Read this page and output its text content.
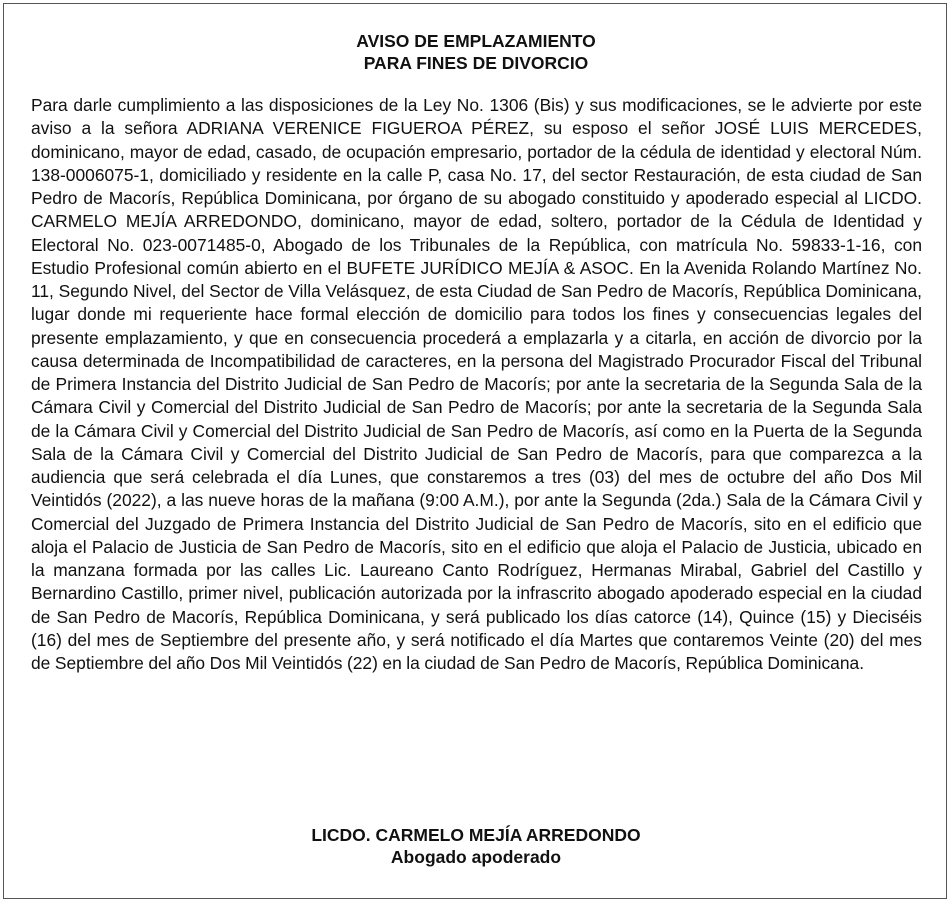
AVISO DE EMPLAZAMIENTO
PARA FINES DE DIVORCIO

Para darle cumplimiento a las disposiciones de la Ley No. 1306 (Bis) y sus modificaciones, se le advierte por este aviso a la señora ADRIANA VERENICE FIGUEROA PÉREZ, su esposo el señor JOSÉ LUIS MERCEDES, dominicano, mayor de edad, casado, de ocupación empresario, portador de la cédula de identidad y electoral Núm. 138-0006075-1, domiciliado y residente en la calle P, casa No. 17, del sector Restauración, de esta ciudad de San Pedro de Macorís, República Dominicana, por órgano de su abogado constituido y apoderado especial al LICDO. CARMELO MEJÍA ARREDONDO, dominicano, mayor de edad, soltero, portador de la Cédula de Identidad y Electoral No. 023-0071485-0, Abogado de los Tribunales de la República, con matrícula No. 59833-1-16, con Estudio Profesional común abierto en el BUFETE JURÍDICO MEJÍA & ASOC. En la Avenida Rolando Martínez No. 11, Segundo Nivel, del Sector de Villa Velásquez, de esta Ciudad de San Pedro de Macorís, República Dominicana, lugar donde mi requeriente hace formal elección de domicilio para todos los fines y consecuencias legales del presente emplazamiento, y que en consecuencia procederá a emplazarla y a citarla, en acción de divorcio por la causa determinada de Incompatibilidad de caracteres, en la persona del Magistrado Procurador Fiscal del Tribunal de Primera Instancia del Distrito Judicial de San Pedro de Macorís; por ante la secretaria de la Segunda Sala de la Cámara Civil y Comercial del Distrito Judicial de San Pedro de Macorís; por ante la secretaria de la Segunda Sala de la Cámara Civil y Comercial del Distrito Judicial de San Pedro de Macorís, así como en la Puerta de la Segunda Sala de la Cámara Civil y Comercial del Distrito Judicial de San Pedro de Macorís, para que comparezca a la audiencia que será celebrada el día Lunes, que constaremos a tres (03) del mes de octubre del año Dos Mil Veintidós (2022), a las nueve horas de la mañana (9:00 A.M.), por ante la Segunda (2da.) Sala de la Cámara Civil y Comercial del Juzgado de Primera Instancia del Distrito Judicial de San Pedro de Macorís, sito en el edificio que aloja el Palacio de Justicia de San Pedro de Macorís, sito en el edificio que aloja el Palacio de Justicia, ubicado en la manzana formada por las calles Lic. Laureano Canto Rodríguez, Hermanas Mirabal, Gabriel del Castillo y Bernardino Castillo, primer nivel, publicación autorizada por la infrascrito abogado apoderado especial en la ciudad de San Pedro de Macorís, República Dominicana, y será publicado los días catorce (14), Quince (15) y Dieciséis (16) del mes de Septiembre del presente año, y será notificado el día Martes que contaremos Veinte (20) del mes de Septiembre del año Dos Mil Veintidós (22) en la ciudad de San Pedro de Macorís, República Dominicana.

LICDO. CARMELO MEJÍA ARREDONDO

Abogado apoderado
